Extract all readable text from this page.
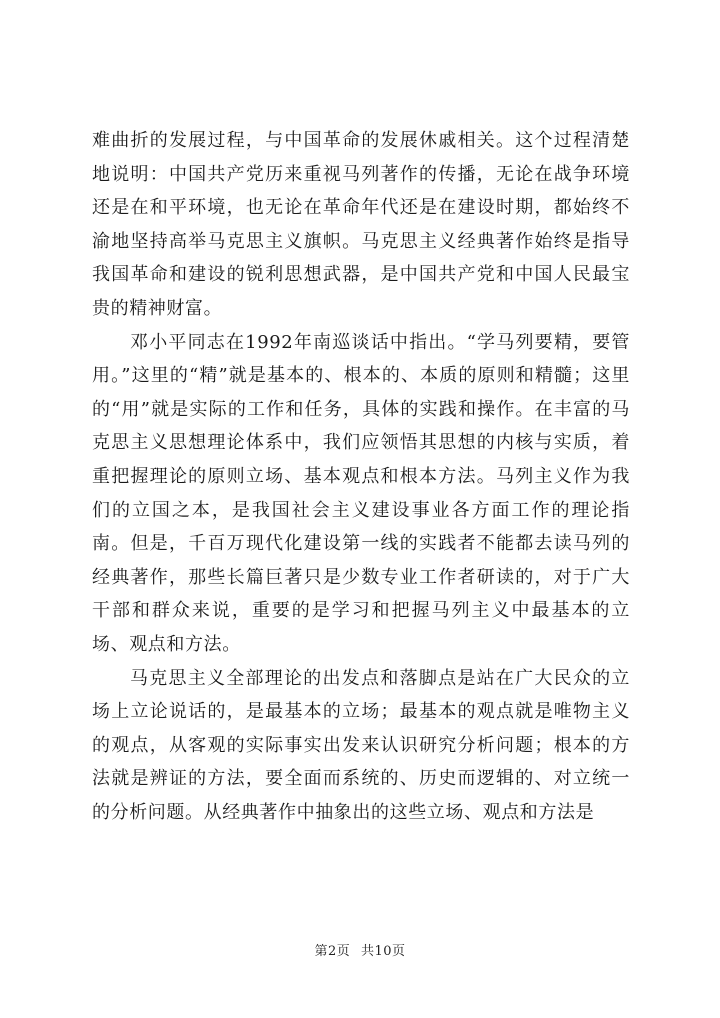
难曲折的发展过程，与中国革命的发展休戚相关。这个过程清楚地说明：中国共产党历来重视马列著作的传播，无论在战争环境还是在和平环境，也无论在革命年代还是在建设时期，都始终不渝地坚持高举马克思主义旗帜。马克思主义经典著作始终是指导我国革命和建设的锐利思想武器，是中国共产党和中国人民最宝贵的精神财富。

邓小平同志在1992年南巡谈话中指出。“学马列要精，要管用。”这里的“精”就是基本的、根本的、本质的原则和精髓；这里的“用”就是实际的工作和任务，具体的实践和操作。在丰富的马克思主义思想理论体系中，我们应领悟其思想的内核与实质，着重把握理论的原则立场、基本观点和根本方法。马列主义作为我们的立国之本，是我国社会主义建设事业各方面工作的理论指南。但是，千百万现代化建设第一线的实践者不能都去读马列的经典著作，那些长篇巨著只是少数专业工作者研读的，对于广大干部和群众来说，重要的是学习和把握马列主义中最基本的立场、观点和方法。

马克思主义全部理论的出发点和落脚点是站在广大民众的立场上立论说话的，是最基本的立场；最基本的观点就是唯物主义的观点，从客观的实际事实出发来认识研究分析问题；根本的方法就是辨证的方法，要全面而系统的、历史而逻辑的、对立统一的分析问题。从经典著作中抽象出的这些立场、观点和方法是

第2页 共10页
